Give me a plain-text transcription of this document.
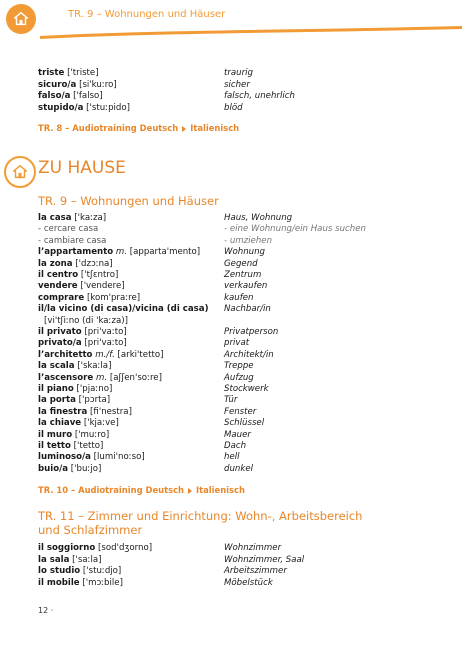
TR. 9 – Wohnungen und Häuser
triste ['triste]	traurig
sicuro/a [si'kuːro]	sicher
falso/a ['falso]	falsch, unehrlich
stupido/a ['stuːpido]	blöd
TR. 8 – Audiotraining Deutsch Italienisch
ZU HAUSE
TR. 9 – Wohnungen und Häuser
la casa ['kaːza]	Haus, Wohnung
- cercare casa	- eine Wohnung/ein Haus suchen
- cambiare casa	- umziehen
l’appartamento m. [apparta'mento]	Wohnung
la zona ['dzɔːna]	Gegend
il centro ['tʃɛntro]	Zentrum
vendere ['vendere]	verkaufen
comprare [kom'praːre]	kaufen
il/la vicino (di casa)/vicina (di casa) Nachbar/in
[vi'tʃiːno (di 'kaːza)]
il privato [pri'vaːto]	Privatperson
privato/a [pri'vaːto]	privat
l’architetto m./f. [arki'tetto]	Architekt/in
la scala ['skaːla]	Treppe
l’ascensore m. [aʃʃen'soːre]	Aufzug
il piano ['pjaːno]	Stockwerk
la porta ['pɔrta]	Tür
la finestra [fi'nestra]	Fenster
la chiave ['kjaːve]	Schlüssel
il muro ['muːro]	Mauer
il tetto ['tetto]	Dach
luminoso/a [lumi'noːso]	hell
buio/a ['buːjo]	dunkel
TR. 10 – Audiotraining Deutsch Italienisch
TR. 11 – Zimmer und Einrichtung: Wohn-, Arbeitsbereich und Schlafzimmer
il soggiorno [sod'dʒorno]	Wohnzimmer
la sala ['saːla]	Wohnzimmer, Saal
lo studio ['stuːdjo]	Arbeitszimmer
il mobile ['mɔːbile]	Möbelstück
12 ·
